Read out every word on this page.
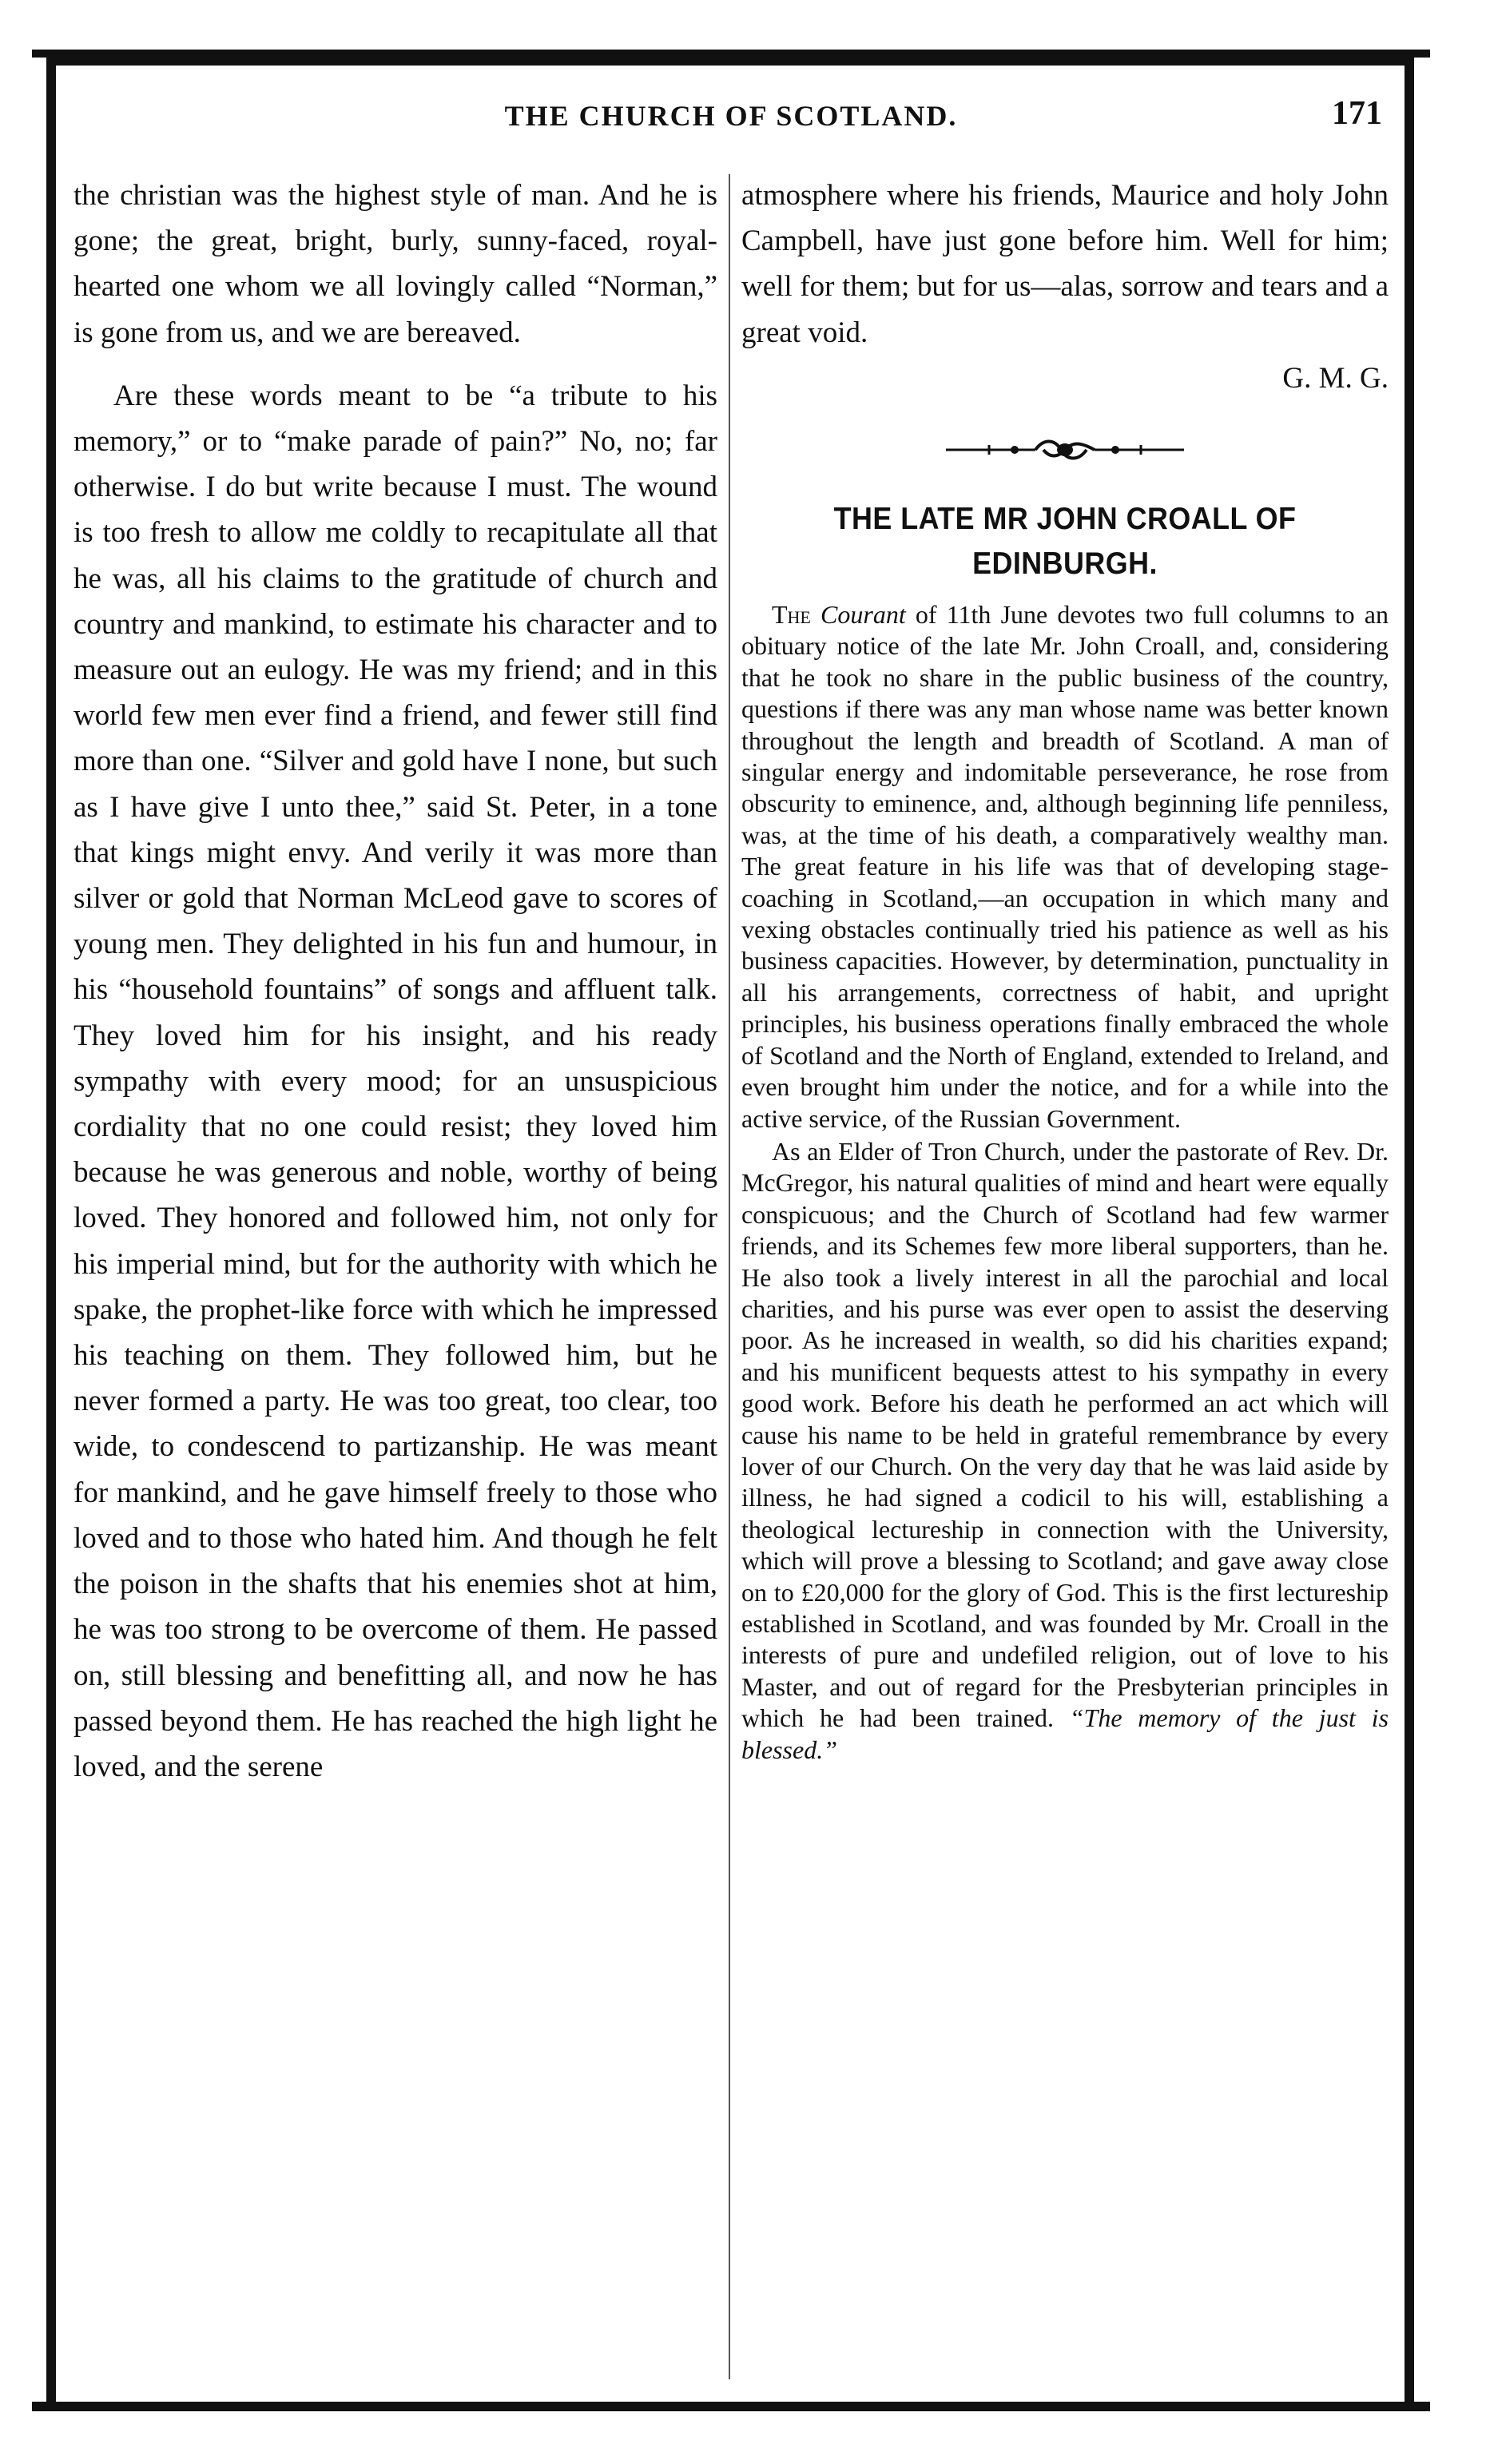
THE CHURCH OF SCOTLAND.	171

the christian was the highest style of man. And he is gone; the great, bright, burly, sunny-faced, royal-hearted one whom we all lovingly called “Norman,” is gone from us, and we are bereaved.

Are these words meant to be “a tribute to his memory,” or to “make parade of pain?” No, no; far otherwise. I do but write because I must. The wound is too fresh to allow me coldly to recapitulate all that he was, all his claims to the gratitude of church and country and mankind, to estimate his character and to measure out an eulogy. He was my friend; and in this world few men ever find a friend, and fewer still find more than one. “Silver and gold have I none, but such as I have give I unto thee,” said St. Peter, in a tone that kings might envy. And verily it was more than silver or gold that Norman McLeod gave to scores of young men. They delighted in his fun and humour, in his “household fountains” of songs and affluent talk. They loved him for his insight, and his ready sympathy with every mood; for an unsuspicious cordiality that no one could resist; they loved him because he was generous and noble, worthy of being loved. They honored and followed him, not only for his imperial mind, but for the authority with which he spake, the prophet-like force with which he impressed his teaching on them. They followed him, but he never formed a party. He was too great, too clear, too wide, to condescend to partizanship. He was meant for mankind, and he gave himself freely to those who loved and to those who hated him. And though he felt the poison in the shafts that his enemies shot at him, he was too strong to be overcome of them. He passed on, still blessing and benefitting all, and now he has passed beyond them. He has reached the high light he loved, and the serene

atmosphere where his friends, Maurice and holy John Campbell, have just gone before him. Well for him; well for them; but for us—alas, sorrow and tears and a great void.

G. M. G.
THE LATE MR JOHN CROALL OF EDINBURGH.

The Courant of 11th June devotes two full columns to an obituary notice of the late Mr. John Croall, and, considering that he took no share in the public business of the country, questions if there was any man whose name was better known throughout the length and breadth of Scotland. A man of singular energy and indomitable perseverance, he rose from obscurity to eminence, and, although beginning life penniless, was, at the time of his death, a comparatively wealthy man. The great feature in his life was that of developing stage-coaching in Scotland,—an occupation in which many and vexing obstacles continually tried his patience as well as his business capacities. However, by determination, punctuality in all his arrangements, correctness of habit, and upright principles, his business operations finally embraced the whole of Scotland and the North of England, extended to Ireland, and even brought him under the notice, and for a while into the active service, of the Russian Government.

As an Elder of Tron Church, under the pastorate of Rev. Dr. McGregor, his natural qualities of mind and heart were equally conspicuous; and the Church of Scotland had few warmer friends, and its Schemes few more liberal supporters, than he. He also took a lively interest in all the parochial and local charities, and his purse was ever open to assist the deserving poor. As he increased in wealth, so did his charities expand; and his munificent bequests attest to his sympathy in every good work. Before his death he performed an act which will cause his name to be held in grateful remembrance by every lover of our Church. On the very day that he was laid aside by illness, he had signed a codicil to his will, establishing a theological lectureship in connection with the University, which will prove a blessing to Scotland; and gave away close on to £20,000 for the glory of God. This is the first lectureship established in Scotland, and was founded by Mr. Croall in the interests of pure and undefiled religion, out of love to his Master, and out of regard for the Presbyterian principles in which he had been trained. “The memory of the just is blessed.”
